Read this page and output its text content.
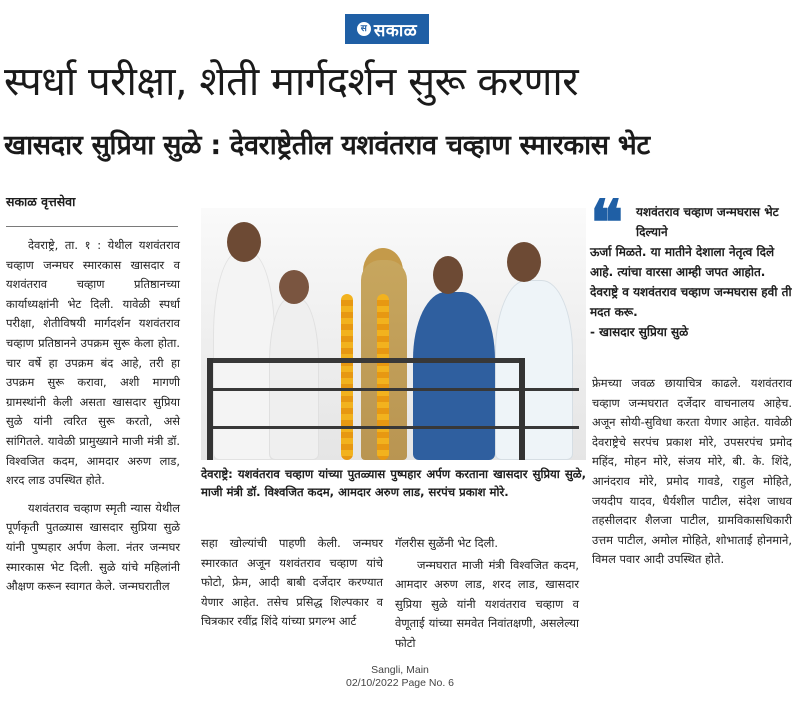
स सकाळ
स्पर्धा परीक्षा, शेती मार्गदर्शन सुरू करणार
खासदार सुप्रिया सुळे : देवराष्ट्रेतील यशवंतराव चव्हाण स्मारकास भेट
सकाळ वृत्तसेवा

देवराष्ट्रे, ता. १ : येथील यशवंतराव चव्हाण जन्मघर स्मारकास खासदार व यशवंतराव चव्हाण प्रतिष्ठानच्या कार्याध्यक्षांनी भेट दिली. यावेळी स्पर्धा परीक्षा, शेतीविषयी मार्गदर्शन यशवंतराव चव्हाण प्रतिष्ठानने उपक्रम सुरू केला होता. चार वर्षे हा उपक्रम बंद आहे, तरी हा उपक्रम सुरू करावा, अशी मागणी ग्रामस्थांनी केली असता खासदार सुप्रिया सुळे यांनी त्वरित सुरू करतो, असे सांगितले. यावेळी प्रामुख्याने माजी मंत्री डॉ. विश्वजित कदम, आमदार अरुण लाड, शरद लाड उपस्थित होते.

यशवंतराव चव्हाण स्मृती न्यास येथील पूर्णकृती पुतळ्यास खासदार सुप्रिया सुळे यांनी पुष्पहार अर्पण केला. नंतर जन्मघर स्मारकास भेट दिली. सुळे यांचे महिलांनी औक्षण करून स्वागत केले. जन्मघरातील

देवराष्ट्रे: यशवंतराव चव्हाण यांच्या पुतळ्यास पुष्पहार अर्पण करताना खासदार सुप्रिया सुळे, माजी मंत्री डॉ. विश्वजित कदम, आमदार अरुण लाड, सरपंच प्रकाश मोरे.

सहा खोल्यांची पाहणी केली. जन्मघर स्मारकात अजून यशवंतराव चव्हाण यांचे फोटो, फ्रेम, आदी बाबी दर्जेदार करण्यात येणार आहेत. तसेच प्रसिद्ध शिल्पकार व चित्रकार रवींद्र शिंदे यांच्या प्रगल्भ आर्ट

गॅलरीस सुळेंनी भेट दिली.

जन्मघरात माजी मंत्री विश्वजित कदम, आमदार अरुण लाड, शरद लाड, खासदार सुप्रिया सुळे यांनी यशवंतराव चव्हाण व वेणूताई यांच्या समवेत निवांतक्षणी, असलेल्या फोटो

❝	यशवंतराव चव्हाण जन्मघरास भेट दिल्याने
ऊर्जा मिळते. या मातीने देशाला नेतृत्व दिले आहे. त्यांचा वारसा आम्ही जपत आहोत. देवराष्ट्रे व यशवंतराव चव्हाण जन्मघरास हवी ती मदत करू.
- खासदार सुप्रिया सुळे

फ्रेमच्या जवळ छायाचित्र काढले. यशवंतराव चव्हाण जन्मघरात दर्जेदार वाचनालय आहेच. अजून सोयी-सुविधा करता येणार आहेत. यावेळी देवराष्ट्रेचे सरपंच प्रकाश मोरे, उपसरपंच प्रमोद महिंद, मोहन मोरे, संजय मोरे, बी. के. शिंदे, आनंदराव मोरे, प्रमोद गावडे, राहुल मोहिते, जयदीप यादव, धैर्यशील पाटील, संदेश जाधव तहसीलदार शैलजा पाटील, ग्रामविकासधिकारी उत्तम पाटील, अमोल मोहिते, शोभाताई होनमाने, विमल पवार आदी उपस्थित होते.

Sangli, Main
02/10/2022 Page No. 6
